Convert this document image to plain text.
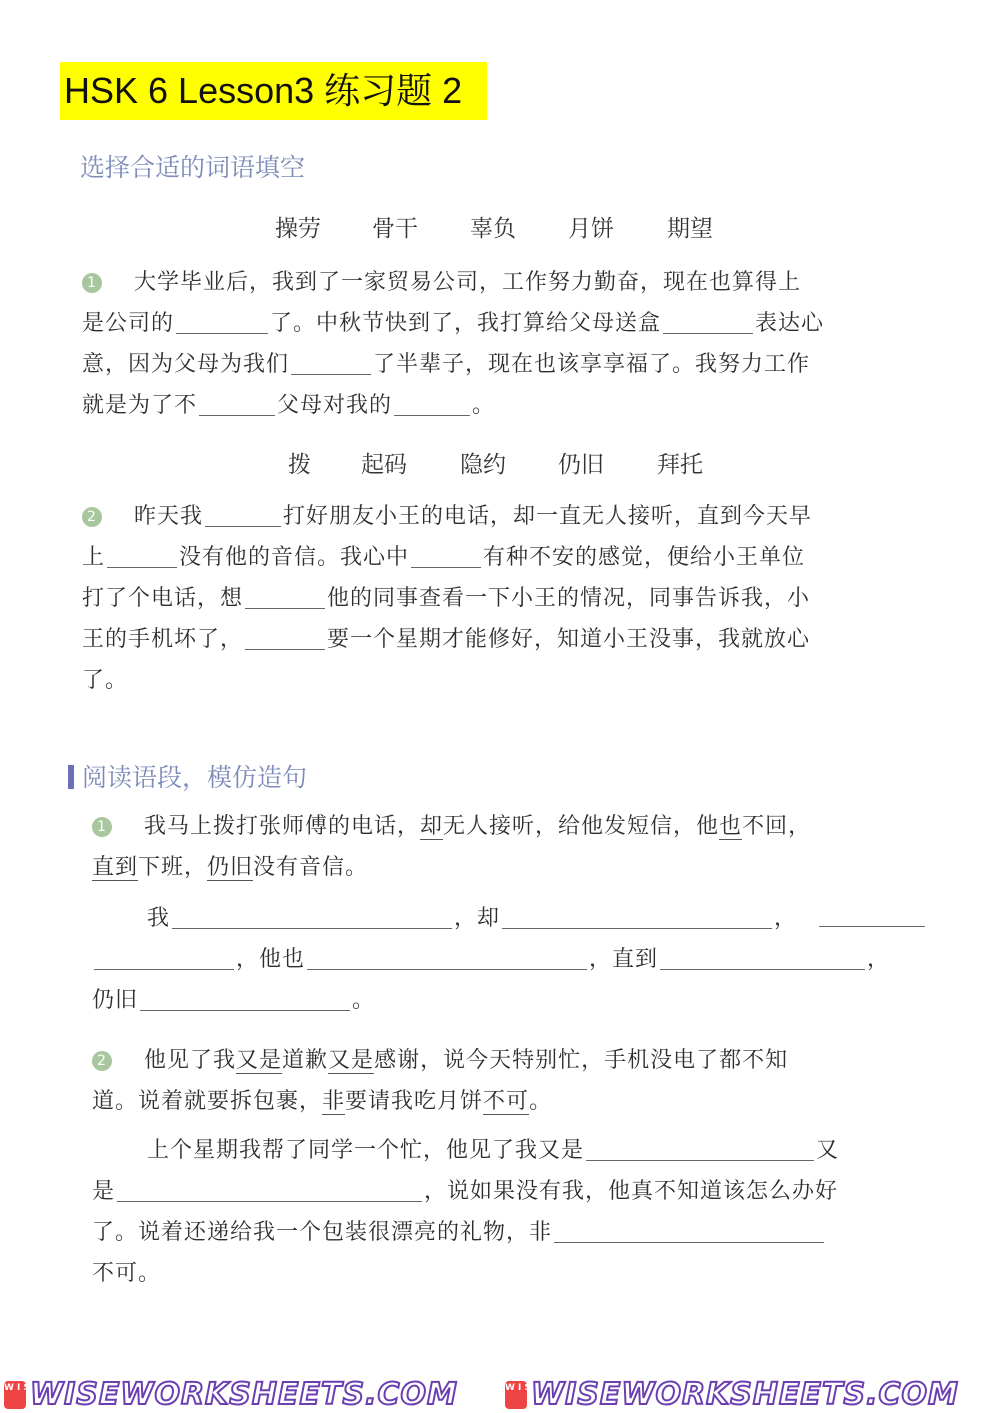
HSK 6 Lesson3 练习题 2
选择合适的词语填空
操劳 骨干 辜负 月饼 期望
1 大学毕业后，我到了一家贸易公司，工作努力勤奋，现在也算得上
是公司的	了。中秋节快到了，我打算给父母送盒	表达心
意，因为父母为我们	了半辈子，现在也该享享福了。我努力工作
就是为了不	父母对我的	。
拨 起码 隐约 仍旧 拜托
2 昨天我	打好朋友小王的电话，却一直无人接听，直到今天早
上	没有他的音信。我心中	有种不安的感觉，便给小王单位
打了个电话，想	他的同事查看一下小王的情况，同事告诉我，小
王的手机坏了，	要一个星期才能修好，知道小王没事，我就放心
了。
阅读语段，模仿造句
1 我马上拨打张师傅的电话，却无人接听，给他发短信，他也不回，
直到下班，仍旧没有音信。
我	，却	，
，他也	，直到	，
仍旧	。
2 他见了我又是道歉又是感谢，说今天特别忙，手机没电了都不知
道。说着就要拆包裹，非要请我吃月饼不可。
上个星期我帮了同学一个忙，他见了我又是	又
是	，说如果没有我，他真不知道该怎么办好
了。说着还递给我一个包装很漂亮的礼物，非
不可。
W I S E
WISEWORKSHEETS.COM	W I S E
WISEWORKSHEETS.COM
